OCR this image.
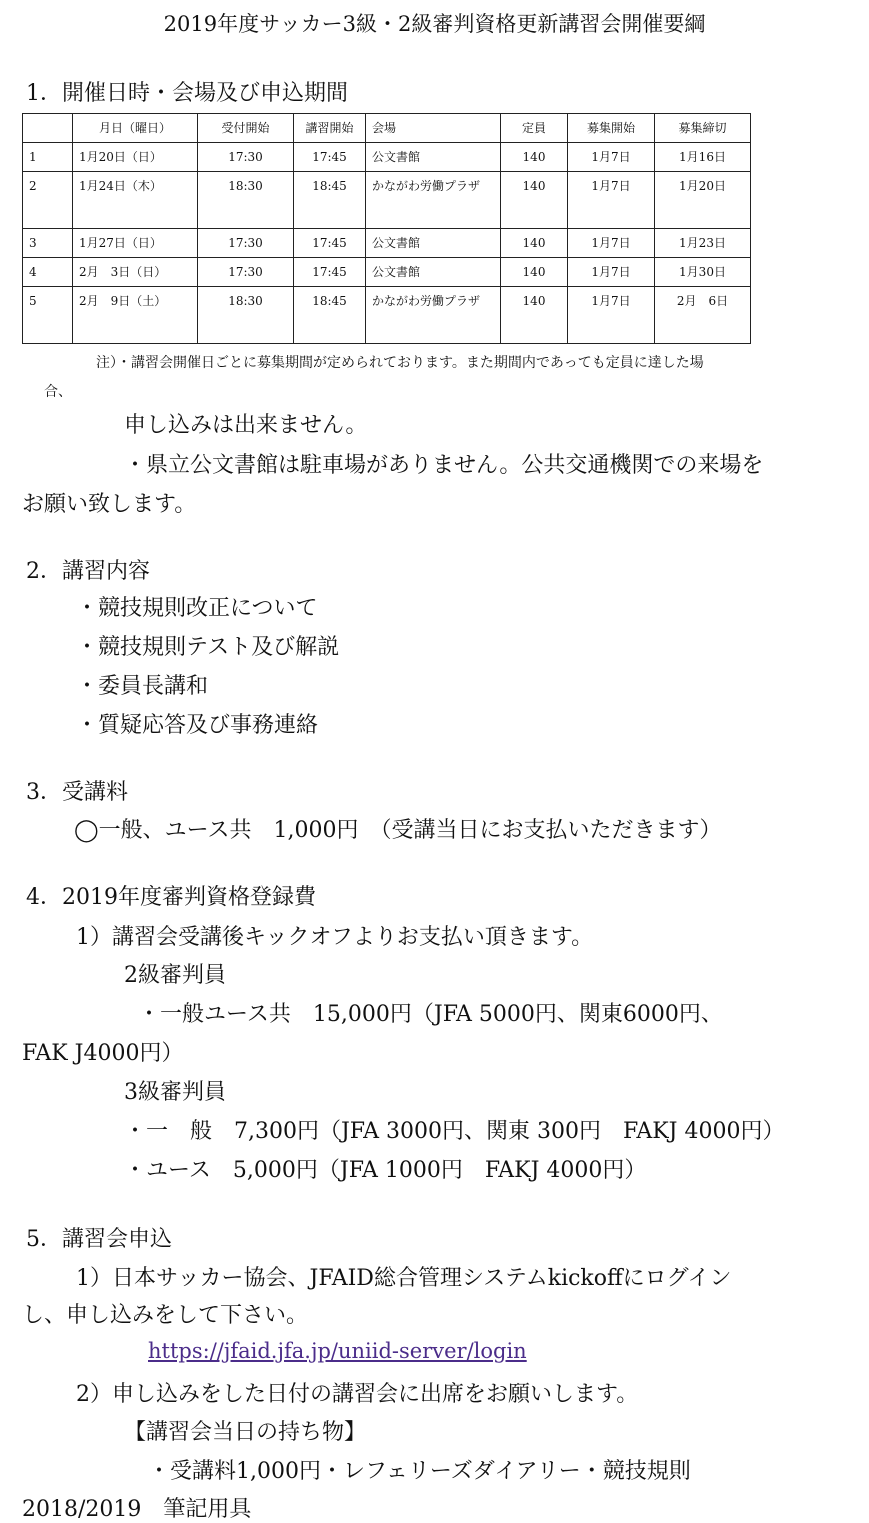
2019年度サッカー3級・2級審判資格更新講習会開催要綱
1．開催日時・会場及び申込期間
	月日（曜日）	受付開始	講習開始	会場	定員	募集開始	募集締切
1	1月20日（日）	17:30	17:45	公文書館	140	1月7日	1月16日
2	1月24日（木）	18:30	18:45	かながわ労働プラザ	140	1月7日	1月20日
3	1月27日（日）	17:30	17:45	公文書館	140	1月7日	1月23日
4	2月　3日（日）	17:30	17:45	公文書館	140	1月7日	1月30日
5	2月　9日（土）	18:30	18:45	かながわ労働プラザ	140	1月7日	2月　6日
注）・講習会開催日ごとに募集期間が定められております。また期間内であっても定員に達した場
合、
申し込みは出来ません。
・県立公文書館は駐車場がありません。公共交通機関での来場を
お願い致します。
2．講習内容
・競技規則改正について
・競技規則テスト及び解説
・委員長講和
・質疑応答及び事務連絡
3．受講料
◯一般、ユース共　1,000円　（受講当日にお支払いただきます）
4．2019年度審判資格登録費
1）講習会受講後キックオフよりお支払い頂きます。
2級審判員
・一般ユース共　15,000円（JFA 5000円、関東6000円、
FAK J4000円）
3級審判員
・一　般　7,300円（JFA 3000円、関東 300円　FAKJ 4000円）
・ユース　5,000円（JFA 1000円　FAKJ 4000円）
5．講習会申込
1）日本サッカー協会、JFAID総合管理システムkickoffにログイン
し、申し込みをして下さい。
https://jfaid.jfa.jp/uniid-server/login
2）申し込みをした日付の講習会に出席をお願いします。
【講習会当日の持ち物】
・受講料1,000円・レフェリーズダイアリー・競技規則
2018/2019　筆記用具
